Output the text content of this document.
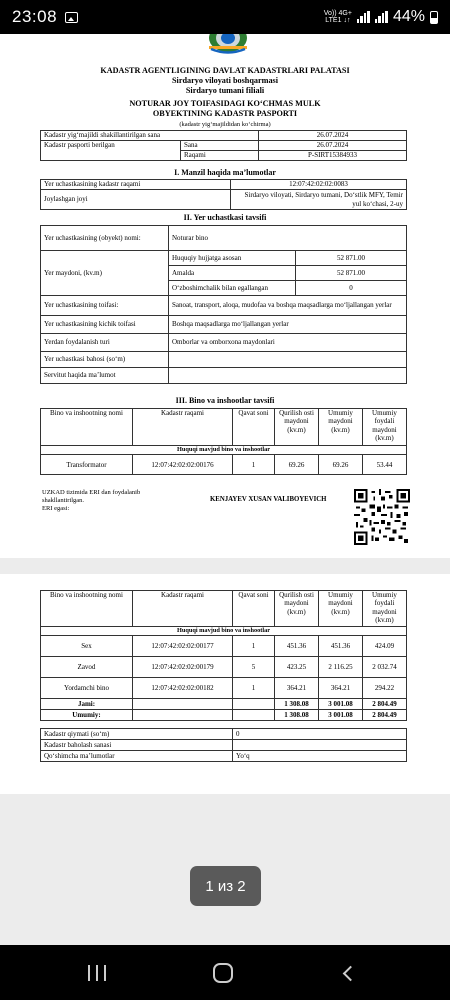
23:08	Vo)) 4G+
LTE1 ↓↑	44%
KADASTR AGENTLIGINING DAVLAT KADASTRLARI PALATASI
Sirdaryo viloyati boshqarmasi
Sirdaryo tumani filiali
NOTURAR JOY TOIFASIDAGI KO‘CHMAS MULK
OBYEKTINING KADASTR PASPORTI
(kadastr yig‘majildidan ko‘chirma)
Kadastr yig‘majildi shakillantirilgan sana		26.07.2024
Kadastr pasporti berilgan	Sana	26.07.2024
	Raqami	P-SIRT15384933
I. Manzil haqida ma’lumotlar
Yer uchastkasining kadastr raqami	12:07:42:02:02:0083
Joylashgan joyi	Sirdaryo viloyati, Sirdaryo tumani, Do‘stlik MFY, Temir yul ko‘chasi, 2-uy
II. Yer uchastkasi tavsifi
Yer uchastkasining (obyekt) nomi:	Noturar bino	
Yer maydoni, (kv.m)	Huquqiy hujjatga asosan	52 871.00
	Amalda	52 871.00
	O‘zboshimchalik bilan egallangan	0
Yer uchastkasining toifasi:	Sanoat, transport, aloqa, mudofaa va boshqa maqsadlarga mo‘ljallangan yerlar	
Yer uchastkasining kichik toifasi	Boshqa maqsadlarga mo‘ljallangan yerlar	
Yerdan foydalanish turi	Omborlar va omborxona maydonlari	
Yer uchastkasi bahosi (so‘m)		
Servitut haqida ma’lumot		
III. Bino va inshootlar tavsifi
Bino va inshootning nomi	Kadastr raqami	Qavat soni	Qurilish osti maydoni (kv.m)	Umumiy maydoni (kv.m)	Umumiy foydali maydoni (kv.m)
Huquqi mavjud bino va inshootlar					
Transformator	12:07:42:02:02:00176	1	69.26	69.26	53.44
UZKAD tizimida ERI dan foydalanib shakllantirilgan.
ERI egasi:
KENJAYEV XUSAN VALIBOYEVICH
Bino va inshootning nomi	Kadastr raqami	Qavat soni	Qurilish osti maydoni (kv.m)	Umumiy maydoni (kv.m)	Umumiy foydali maydoni (kv.m)
Huquqi mavjud bino va inshootlar					
Sex	12:07:42:02:02:00177	1	451.36	451.36	424.09
Zavod	12:07:42:02:02:00179	5	423.25	2 116.25	2 032.74
Yordamchi bino	12:07:42:02:02:00182	1	364.21	364.21	294.22
Jami:			1 308.08	3 001.08	2 804.49
Umumiy:			1 308.08	3 001.08	2 804.49
Kadastr qiymati (so‘m)	0
Kadastr baholash sanasi	
Qo‘shimcha ma’lumotlar	Yo‘q
1 из 2
